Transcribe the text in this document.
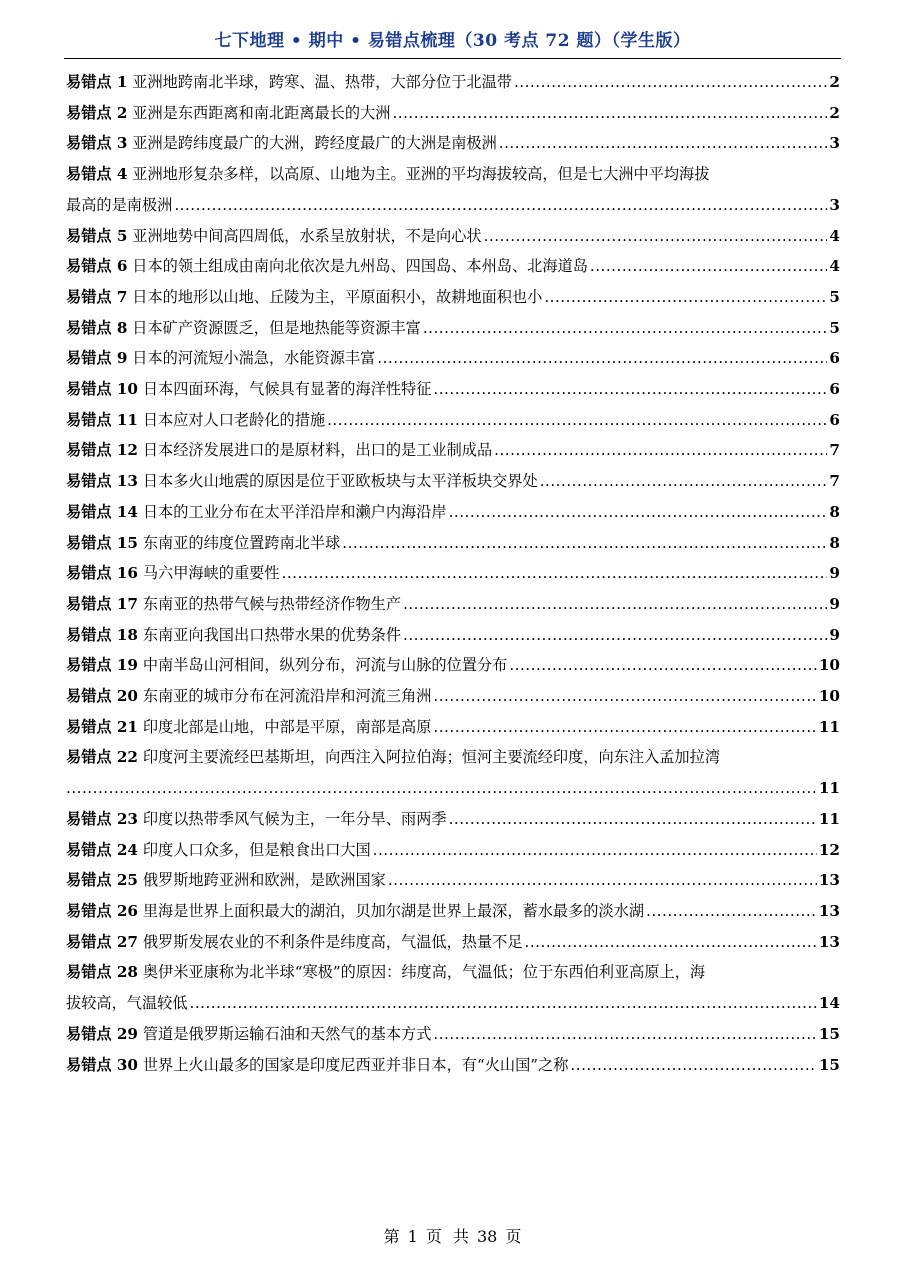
七下地理 • 期中 • 易错点梳理（30 考点 72 题）（学生版）
易错点 1
亚洲地跨南北半球，跨寒、温、热带，大部分位于北温带 .....	2
易错点 2
亚洲是东西距离和南北距离最长的大洲 .....	2
易错点 3
亚洲是跨纬度最广的大洲，跨经度最广的大洲是南极洲 .....	3
易错点 4
亚洲地形复杂多样，以高原、山地为主。亚洲的平均海拔较高，但是七大洲中平均海拔
最高的是南极洲 .....	3
易错点 5
亚洲地势中间高四周低，水系呈放射状，不是向心状 .....	4
易错点 6
日本的领土组成由南向北依次是九州岛、四国岛、本州岛、北海道岛 .....	4
易错点 7
日本的地形以山地、丘陵为主，平原面积小，故耕地面积也小 .....	5
易错点 8
日本矿产资源匮乏，但是地热能等资源丰富 .....	5
易错点 9
日本的河流短小湍急，水能资源丰富 .....	6
易错点 10
日本四面环海，气候具有显著的海洋性特征 .....	6
易错点 11
日本应对人口老龄化的措施 .....	6
易错点 12
日本经济发展进口的是原材料，出口的是工业制成品 .....	7
易错点 13
日本多火山地震的原因是位于亚欧板块与太平洋板块交界处 .....	7
易错点 14
日本的工业分布在太平洋沿岸和濑户内海沿岸 .....	8
易错点 15
东南亚的纬度位置跨南北半球 .....	8
易错点 16
马六甲海峡的重要性 .....	9
易错点 17
东南亚的热带气候与热带经济作物生产 .....	9
易错点 18
东南亚向我国出口热带水果的优势条件 .....	9
易错点 19
中南半岛山河相间，纵列分布，河流与山脉的位置分布 .....	10
易错点 20
东南亚的城市分布在河流沿岸和河流三角洲 .....	10
易错点 21
印度北部是山地，中部是平原，南部是高原 .....	11
易错点 22
印度河主要流经巴基斯坦，向西注入阿拉伯海；恒河主要流经印度，向东注入孟加拉湾
.....
11
易错点 23
印度以热带季风气候为主，一年分旱、雨两季 .....	11
易错点 24
印度人口众多，但是粮食出口大国 .....	12
易错点 25
俄罗斯地跨亚洲和欧洲，是欧洲国家 .....	13
易错点 26
里海是世界上面积最大的湖泊，贝加尔湖是世界上最深，蓄水最多的淡水湖 .....	13
易错点 27
俄罗斯发展农业的不利条件是纬度高，气温低，热量不足 .....	13
易错点 28
奥伊米亚康称为北半球“寒极”的原因：纬度高，气温低；位于东西伯利亚高原上，海
拔较高，气温较低 .....	14
易错点 29
管道是俄罗斯运输石油和天然气的基本方式 .....	15
易错点 30
世界上火山最多的国家是印度尼西亚并非日本，有“火山国”之称 .....	15
第 1 页 共 38 页
